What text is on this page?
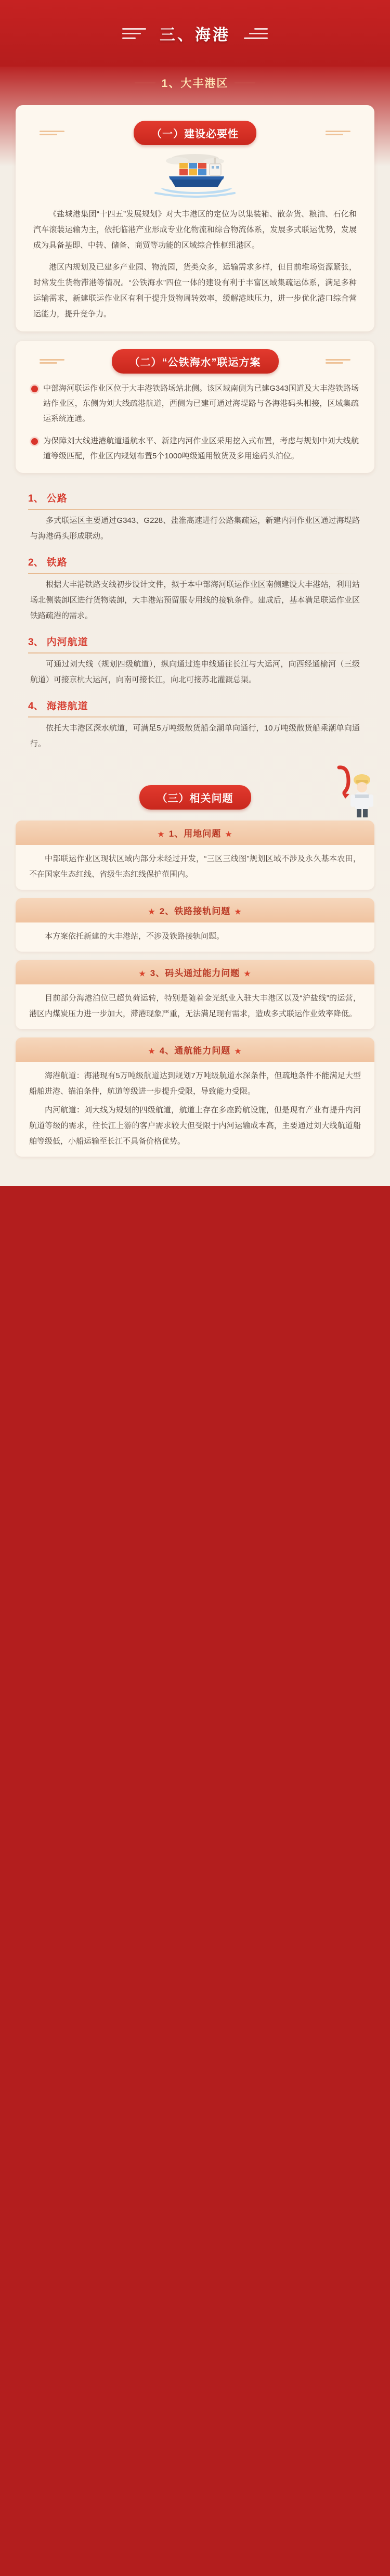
三、海港
1、大丰港区
（一）建设必要性
《盐城港集团“十四五”发展规划》对大丰港区的定位为以集装箱、散杂货、粮油、石化和汽车滚装运输为主，依托临港产业形成专业化物流和综合物流体系，发展多式联运优势，发展成为具备基即、中转、储备、商贸等功能的区域综合性枢纽港区。
港区内规划及已建多产业园、物流园，货类众多，运输需求多样，但目前堆场资源紧张，时常发生货物滞港等情况。“公铁海水”四位一体的建设有利于丰富区域集疏运体系，满足多种运输需求，新建联运作业区有利于提升货物周转效率，缓解港地压力，进一步优化港口综合营运能力，提升竞争力。
（二）“公铁海水”联运方案
中部海河联运作业区位于大丰港铁路场站北侧。该区域南侧为已建G343国道及大丰港铁路场站作业区，东侧为刘大线疏港航道，西侧为已建可通过海堤路与各海港码头相接，区域集疏运系统连通。
为保障刘大线进港航道通航水平、新建内河作业区采用挖入式布置，考虑与规划中刘大线航道等级匹配，作业区内规划布置5个1000吨级通用散货及多用途码头泊位。
1、 公路
多式联运区主要通过G343、G228、盐淮高速进行公路集疏运，新建内河作业区通过海堤路与海港码头形成联动。
2、 铁路
根据大丰港铁路支线初步设计文件，拟于本中部海河联运作业区南侧建设大丰港站，利用站场北侧装卸区进行货物装卸，大丰港站预留服专用线的接轨条件。建成后，基本满足联运作业区铁路疏港的需求。
3、 内河航道
可通过刘大线（规划四级航道），纵向通过连申线通往长江与大运河，向西经通榆河（三级航道）可接京杭大运河，向南可接长江，向北可接苏北灌溉总渠。
4、 海港航道
依托大丰港区深水航道，可满足5万吨级散货船全潮单向通行，10万吨级散货船乘潮单向通行。
（三）相关问题
★ 1、用地问题 ★
中部联运作业区现状区域内部分未经过开发，“三区三线图”规划区域不涉及永久基本农田，不在国家生态红线、省级生态红线保护范围内。
★ 2、铁路接轨问题 ★
本方案依托新建的大丰港站，不涉及铁路接轨问题。
★ 3、码头通过能力问题 ★
目前部分海港泊位已超负荷运转，特别是随着金光纸业入驻大丰港区以及“沪盐线”的运营，港区内煤炭压力进一步加大，滞港现象严重，无法满足现有需求，造成多式联运作业效率降低。
★ 4、通航能力问题 ★
海港航道：海港现有5万吨级航道达到规划7万吨级航道水深条件，但疏地条件不能满足大型船舶进港、锚泊条件，航道等级进一步提升受限，导致能力受限。
内河航道：刘大线为规划的四级航道，航道上存在多座跨航设施，但是现有产业有提升内河航道等级的需求，往长江上游的客户需求较大但受限于内河运输成本高，主要通过刘大线航道船舶等级低，小船运输至长江不具备价格优势。
